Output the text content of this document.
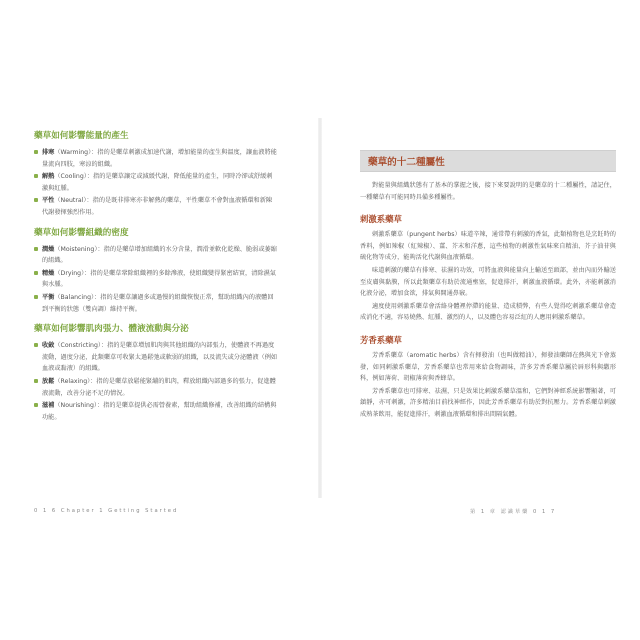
藥草如何影響能量的產生
排寒（Warming）：指的是藥草刺激成加速代謝，增加能量的產生與溫度，讓血液將能量流向四肢，寒涼的組織。
解熱（Cooling）：指的是藥草讓定或減緩代謝，降低能量的產生，同時冷卻或舒緩刺激與紅腫。
平性（Neutral）：指的是既非排寒亦非解熱的藥草，平性藥草不會對血液循環和新陳代謝發揮強烈作用。
藥草如何影響組織的密度
潤燥（Moistening）：指的是藥草增加組織的水分含量，潤滑並軟化乾燥、脆弱或萎縮的組織。
精燥（Drying）：指的是藥草鞏除組織裡的多餘滲液，使組織變得緊密結實，清除濕氣與水腫。
平衡（Balancing）：指的是藥草讓過多或過慢的組織恢復正常，幫助組織內的液體回到平衡的狀態（雙向調）維持平衡。
藥草如何影響肌肉張力、體液流動與分泌
收斂（Constricting）：指的是藥草增加肌肉與其他組織的內部張力，使體液不再過度流動，過度分泌，此類藥草可收緊太過鬆弛或軟弱的組織，以及流失或分泌體液（例如血液或黏液）的組織。
放鬆（Relaxing）：指的是藥草放鬆能緊繃的肌肉，釋放組織內部過多的張力，促進體液流動，改善分泌不足的情況。
滋補（Nourishing）：指的是藥草提供必需營養素，幫助組織修補，改善組織的結構與功能。
藥草的十二種屬性

對能量與組織狀態有了基本的掌握之後，接下來要說明的是藥草的十二種屬性，請記住，一種藥草有可能同時具備多種屬性。

刺激系藥草

刺激系藥草（pungent herbs）味道辛辣，通常帶有刺激的香氣，此類植物也是烹飪時的香料，例如辣椒（紅辣椒）、薑、芥末和洋蔥，這些植物的刺激性氣味來自精油、芥子油苷與硫化物等成分，能夠活化代謝與血液循環。

味道刺激的藥草有排寒、祛濕的功效，可將血液與能量向上輸送至頭部，並由內而外輸送至皮膚與黏膜，所以此類藥草有助於流通壅塞，促進排汗，刺激血液循環。此外，亦能刺激消化液分泌，增加食欲，排氣與開通鼻竅。

適度使用刺激系藥草會活絡身體裡停滯的能量、造成積弊，有些人覺得吃刺激系藥草會造成消化不適，容易燒熱、紅腫、激烈的人，以及體色容易泛紅的人應用刺激系藥草。

芳香系藥草

芳香系藥草（aromatic herbs）含有揮發油（也叫做精油），揮發油藥師在熱與光下會蒸發，如同刺激系藥草，芳香系藥草也常用來給食物調味，許多芳香系藥草屬於唇形科與繖形科，例如薄荷、胡椒薄荷與香蜂草。

芳香系藥草也可排寒、祛濕，只是效果比刺激系藥草溫和，它們對神經系統影響顯著，可鎮靜，亦可刺激，許多精油目前找神經作，因此芳香系藥草有助於對抗壓力。芳香系藥草刺激成熟茶飲用，能促進排汗，刺激血液循環和排出間隔氣體。

0 1 6 Chapter 1 Getting Started	第 1 章 認識草藥 0 1 7
